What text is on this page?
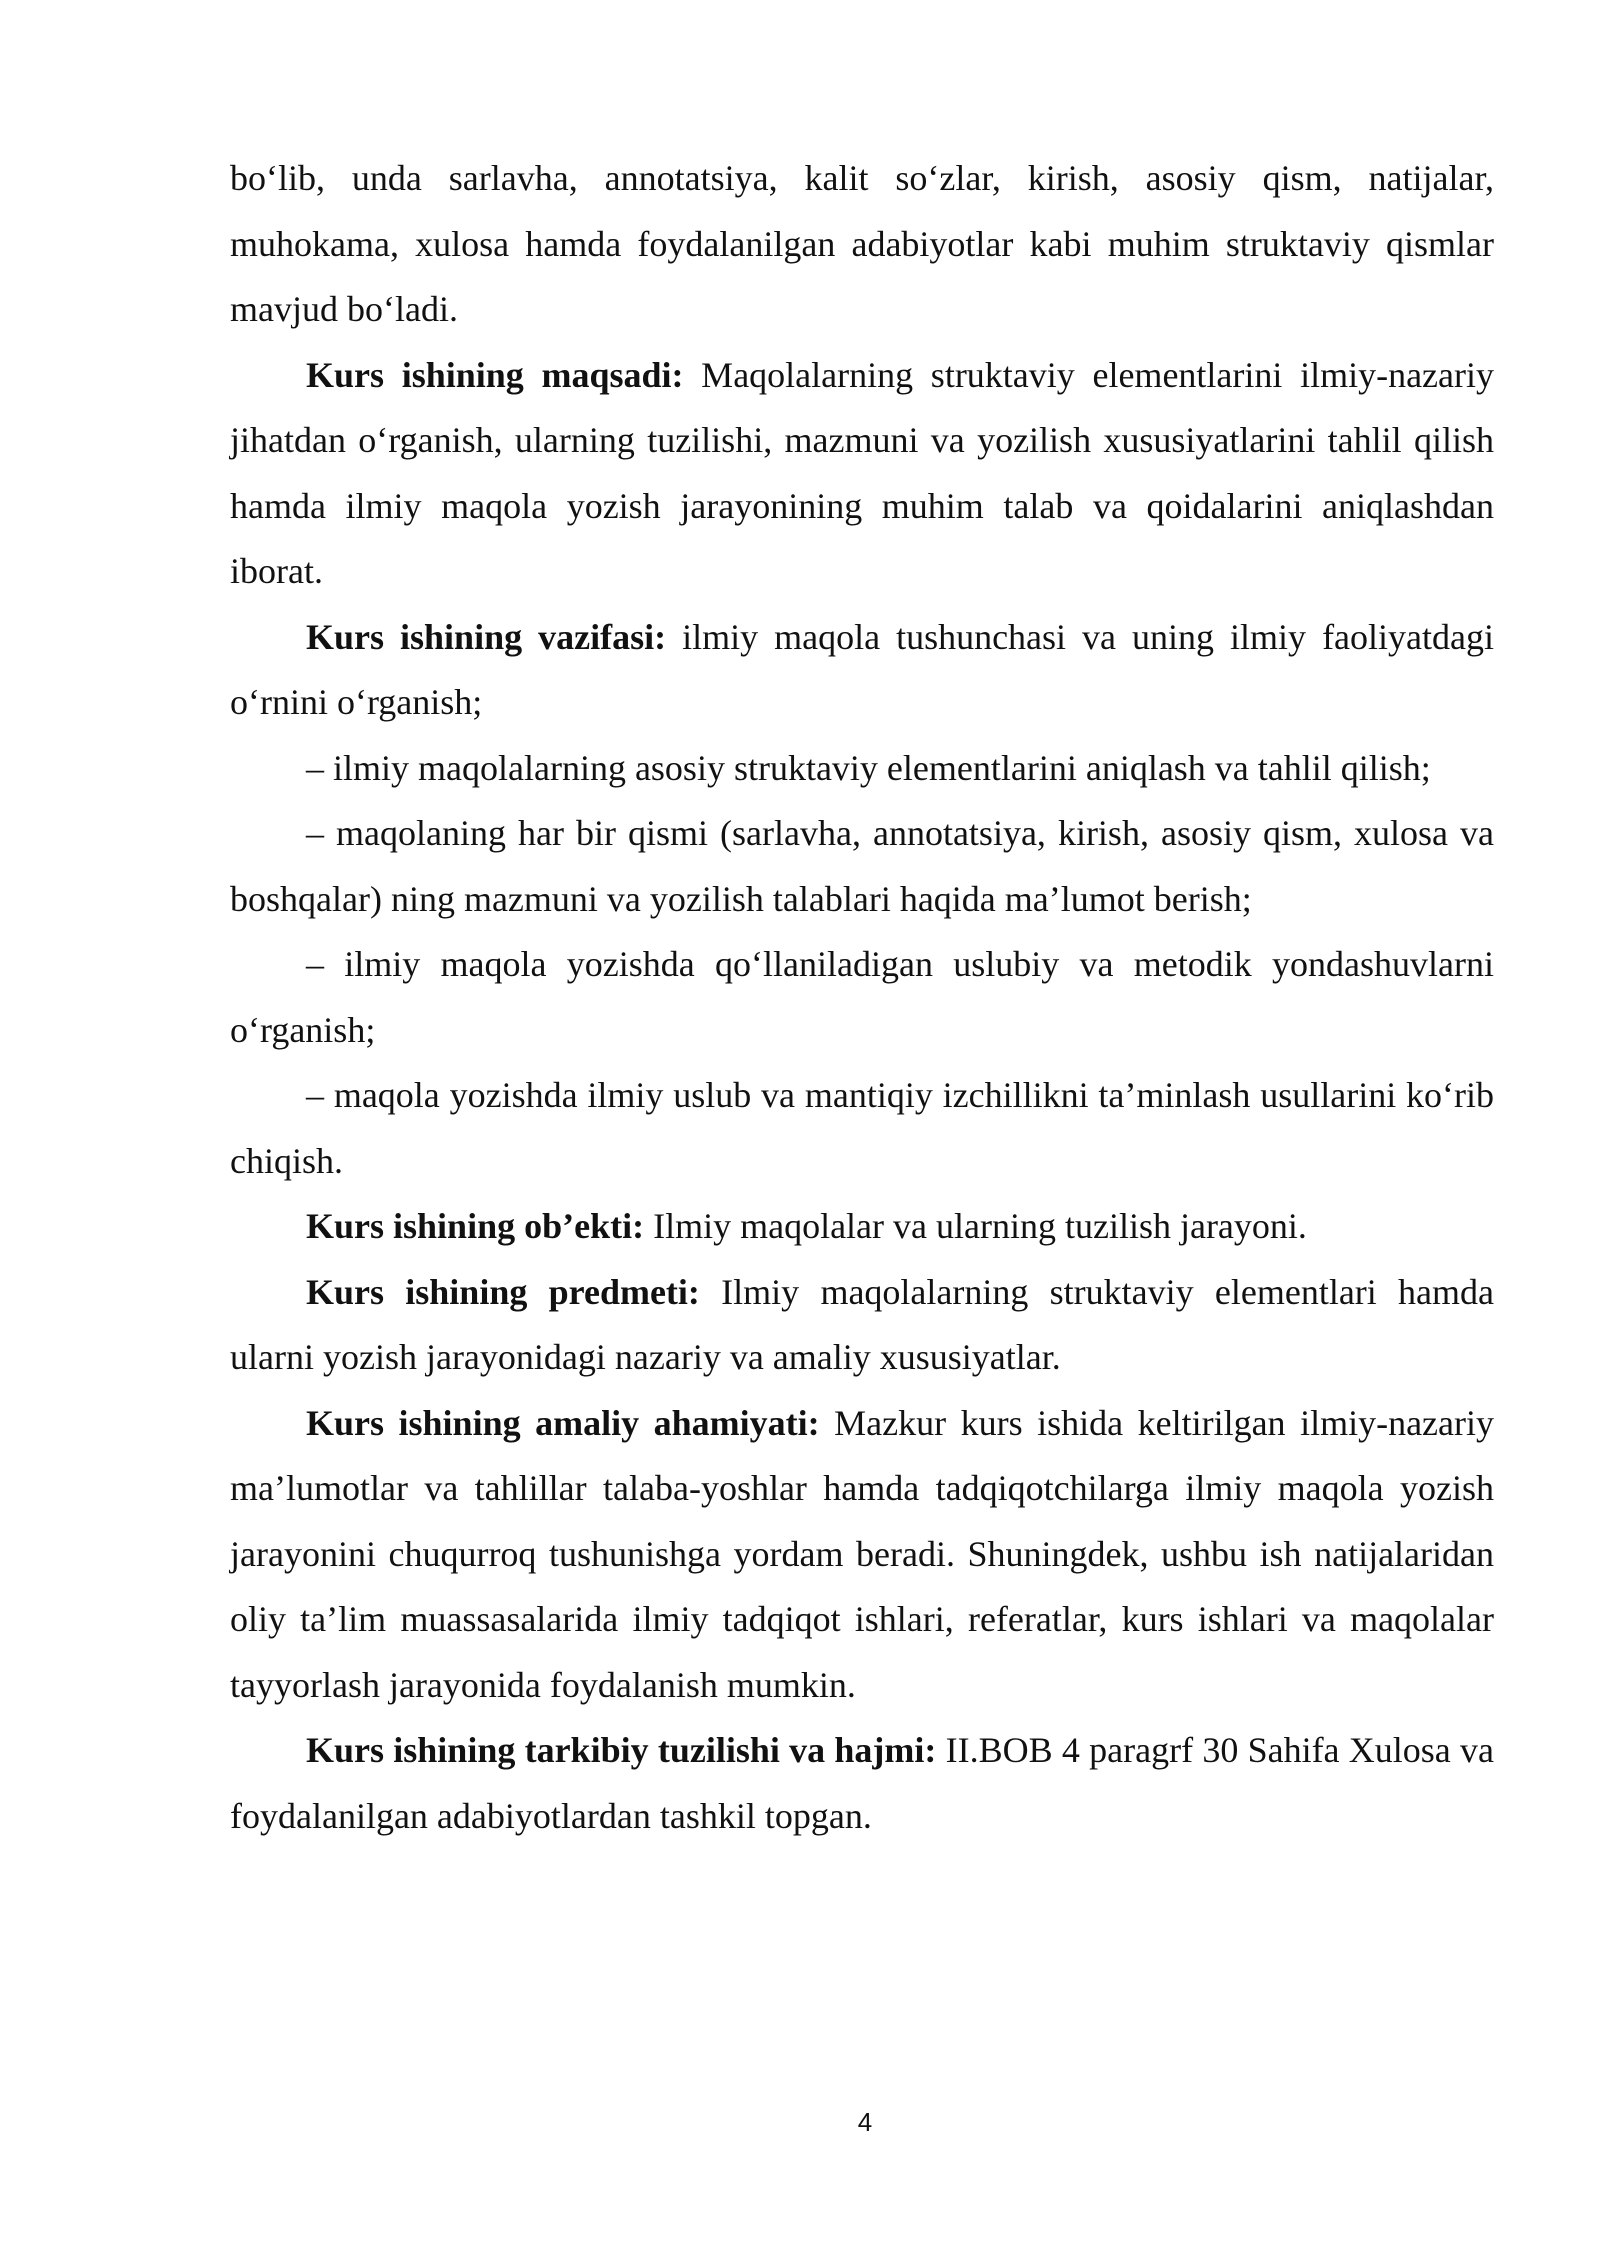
bo‘lib, unda sarlavha, annotatsiya, kalit so‘zlar, kirish, asosiy qism, natijalar, muhokama, xulosa hamda foydalanilgan adabiyotlar kabi muhim struktaviy qismlar mavjud bo‘ladi.

Kurs ishining maqsadi: Maqolalarning struktaviy elementlarini ilmiy-nazariy jihatdan o‘rganish, ularning tuzilishi, mazmuni va yozilish xususiyatlarini tahlil qilish hamda ilmiy maqola yozish jarayonining muhim talab va qoidalarini aniqlashdan iborat.

Kurs ishining vazifasi: ilmiy maqola tushunchasi va uning ilmiy faoliyatdagi o‘rnini o‘rganish;

– ilmiy maqolalarning asosiy struktaviy elementlarini aniqlash va tahlil qilish;

– maqolaning har bir qismi (sarlavha, annotatsiya, kirish, asosiy qism, xulosa va boshqalar) ning mazmuni va yozilish talablari haqida ma’lumot berish;

– ilmiy maqola yozishda qo‘llaniladigan uslubiy va metodik yondashuvlarni o‘rganish;

– maqola yozishda ilmiy uslub va mantiqiy izchillikni ta’minlash usullarini ko‘rib chiqish.

Kurs ishining ob’ekti: Ilmiy maqolalar va ularning tuzilish jarayoni.

Kurs ishining predmeti: Ilmiy maqolalarning struktaviy elementlari hamda ularni yozish jarayonidagi nazariy va amaliy xususiyatlar.

Kurs ishining amaliy ahamiyati: Mazkur kurs ishida keltirilgan ilmiy-nazariy ma’lumotlar va tahlillar talaba-yoshlar hamda tadqiqotchilarga ilmiy maqola yozish jarayonini chuqurroq tushunishga yordam beradi. Shuningdek, ushbu ish natijalaridan oliy ta’lim muassasalarida ilmiy tadqiqot ishlari, referatlar, kurs ishlari va maqolalar tayyorlash jarayonida foydalanish mumkin.

Kurs ishining tarkibiy tuzilishi va hajmi: II.BOB 4 paragrf 30 Sahifa Xulosa va foydalanilgan adabiyotlardan tashkil topgan.

4
